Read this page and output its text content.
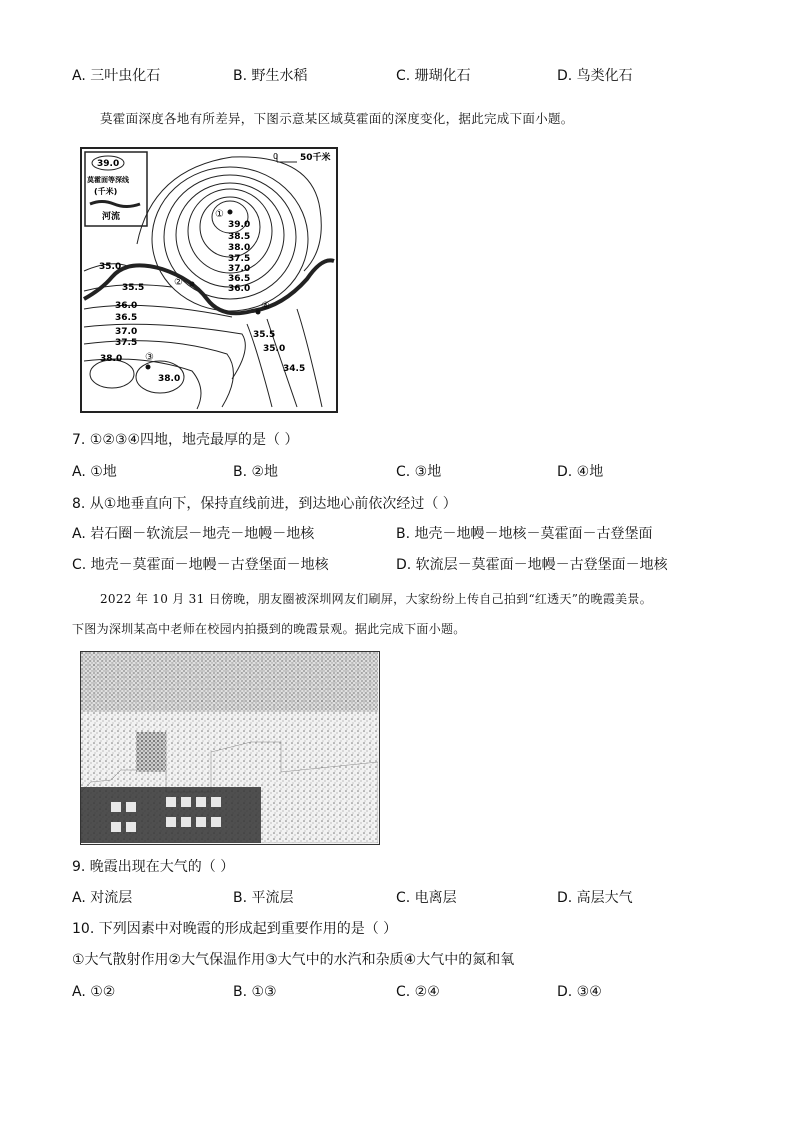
A. 三叶虫化石	B. 野生水稻	C. 珊瑚化石	D. 鸟类化石
莫霍面深度各地有所差异，下图示意某区域莫霍面的深度变化，据此完成下面小题。
39.0
莫霍面等深线
(千米)
河流
0 50千米
39.0
38.5
38.0
37.5
37.0
36.5
36.0
35.0
35.5
36.0
36.5
37.0
37.5
38.0
38.0
35.5
35.0
34.5
①
②
③
④
7. ①②③④四地，地壳最厚的是（ ）
A. ①地	B. ②地	C. ③地	D. ④地
8. 从①地垂直向下，保持直线前进，到达地心前依次经过（ ）
A. 岩石圈－软流层－地壳－地幔－地核	B. 地壳－地幔－地核－莫霍面－古登堡面
C. 地壳－莫霍面－地幔－古登堡面－地核	D. 软流层－莫霍面－地幔－古登堡面－地核
2022 年 10 月 31 日傍晚，朋友圈被深圳网友们刷屏，大家纷纷上传自己拍到“红透天”的晚霞美景。
下图为深圳某高中老师在校园内拍摄到的晚霞景观。据此完成下面小题。
9. 晚霞出现在大气的（ ）
A. 对流层	B. 平流层	C. 电离层	D. 高层大气
10. 下列因素中对晚霞的形成起到重要作用的是（ ）
①大气散射作用②大气保温作用③大气中的水汽和杂质④大气中的氮和氧
A. ①②	B. ①③	C. ②④	D. ③④
